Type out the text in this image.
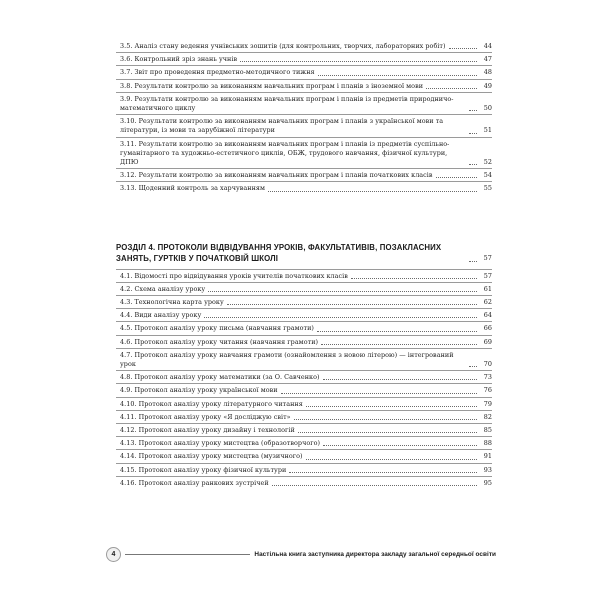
3.5. Аналіз стану ведення учнівських зошитів (для контрольних, творчих, лабораторних робіт)	44
3.6. Контрольний зріз знань учнів	47
3.7. Звіт про проведення предметно-методичного тижня	48
3.8. Результати контролю за виконанням навчальних програм і планів з іноземної мови	49
3.9. Результати контролю за виконанням навчальних програм і планів із предметів природничо-математичного циклу	50
3.10. Результати контролю за виконанням навчальних програм і планів з української мови та літератури, із мови та зарубіжної літератури	51
3.11. Результати контролю за виконанням навчальних програм і планів із предметів суспільно-гуманітарного та художньо-естетичного циклів, ОБЖ, трудового навчання, фізичної культури, ДПЮ	52
3.12. Результати контролю за виконанням навчальних програм і планів початкових класів	54
3.13. Щоденний контроль за харчуванням	55
РОЗДІЛ 4. ПРОТОКОЛИ ВІДВІДУВАННЯ УРОКІВ, ФАКУЛЬТАТИВІВ, ПОЗАКЛАСНИХ ЗАНЯТЬ, ГУРТКІВ У ПОЧАТКОВІЙ ШКОЛІ	57
4.1. Відомості про відвідування уроків учителів початкових класів	57
4.2. Схема аналізу уроку	61
4.3. Технологічна карта уроку	62
4.4. Види аналізу уроку	64
4.5. Протокол аналізу уроку письма (навчання грамоти)	66
4.6. Протокол аналізу уроку читання (навчання грамоти)	69
4.7. Протокол аналізу уроку навчання грамоти (ознайомлення з новою літерою) — інтегрований урок	70
4.8. Протокол аналізу уроку математики (за О. Савченко)	73
4.9. Протокол аналізу уроку української мови	76
4.10. Протокол аналізу уроку літературного читання	79
4.11. Протокол аналізу уроку «Я досліджую світ»	82
4.12. Протокол аналізу уроку дизайну і технологій	85
4.13. Протокол аналізу уроку мистецтва (образотворчого)	88
4.14. Протокол аналізу уроку мистецтва (музичного)	91
4.15. Протокол аналізу уроку фізичної культури	93
4.16. Протокол аналізу ранкових зустрічей	95
4	Настільна книга заступника директора закладу загальної середньої освіти
